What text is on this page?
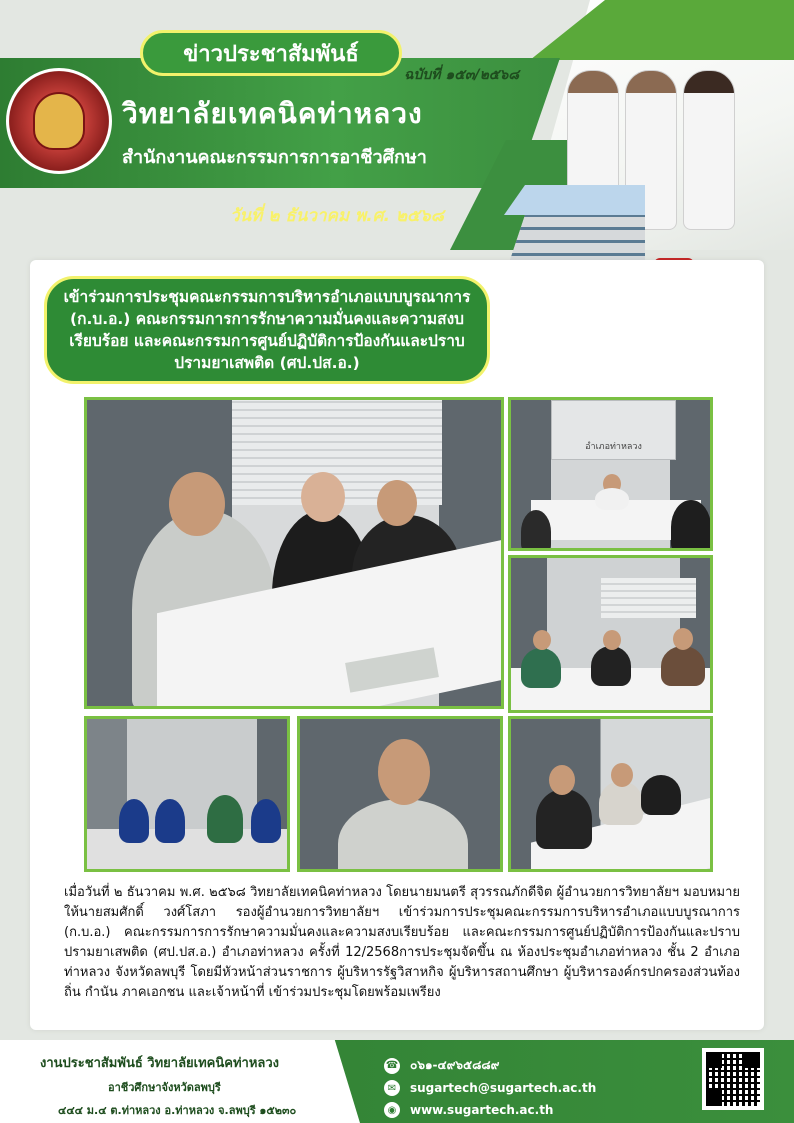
ข่าวประชาสัมพันธ์
ฉบับที่ ๑๕๓/๒๕๖๘
วิทยาลัยเทคนิคท่าหลวง
สำนักงานคณะกรรมการการอาชีวศึกษา
วันที่ ๒ ธันวาคม พ.ศ. ๒๕๖๘
เข้าร่วมการประชุมคณะกรรมการบริหารอำเภอแบบบูรณาการ (ก.บ.อ.) คณะกรรมการการรักษาความมั่นคงและความสงบเรียบร้อย และคณะกรรมการศูนย์ปฏิบัติการป้องกันและปราบปรามยาเสพติด (ศป.ปส.อ.)
อำเภอท่าหลวง
เมื่อวันที่ ๒ ธันวาคม พ.ศ. ๒๕๖๘ วิทยาลัยเทคนิคท่าหลวง โดยนายมนตรี สุวรรณภักดีจิต ผู้อำนวยการวิทยาลัยฯ มอบหมายให้นายสมศักดิ์ วงศ์โสภา รองผู้อำนวยการวิทยาลัยฯ เข้าร่วมการประชุมคณะกรรมการบริหารอำเภอแบบบูรณาการ (ก.บ.อ.) คณะกรรมการการรักษาความมั่นคงและความสงบเรียบร้อย และคณะกรรมการศูนย์ปฏิบัติการป้องกันและปราบปรามยาเสพติด (ศป.ปส.อ.) อำเภอท่าหลวง ครั้งที่ 12/2568การประชุมจัดขึ้น ณ ห้องประชุมอำเภอท่าหลวง ชั้น 2 อำเภอท่าหลวง จังหวัดลพบุรี โดยมีหัวหน้าส่วนราชการ ผู้บริหารรัฐวิสาหกิจ ผู้บริหารสถานศึกษา ผู้บริหารองค์กรปกครองส่วนท้องถิ่น กำนัน ภาคเอกชน และเจ้าหน้าที่ เข้าร่วมประชุมโดยพร้อมเพรียง
งานประชาสัมพันธ์ วิทยาลัยเทคนิคท่าหลวง
อาชีวศึกษาจังหวัดลพบุรี
๔๔๔ ม.๔ ต.ท่าหลวง อ.ท่าหลวง จ.ลพบุรี ๑๕๒๓๐
☎ ๐๖๑-๔๙๖๕๘๘๙
✉	sugartech@sugartech.ac.th
◉	www.sugartech.ac.th
